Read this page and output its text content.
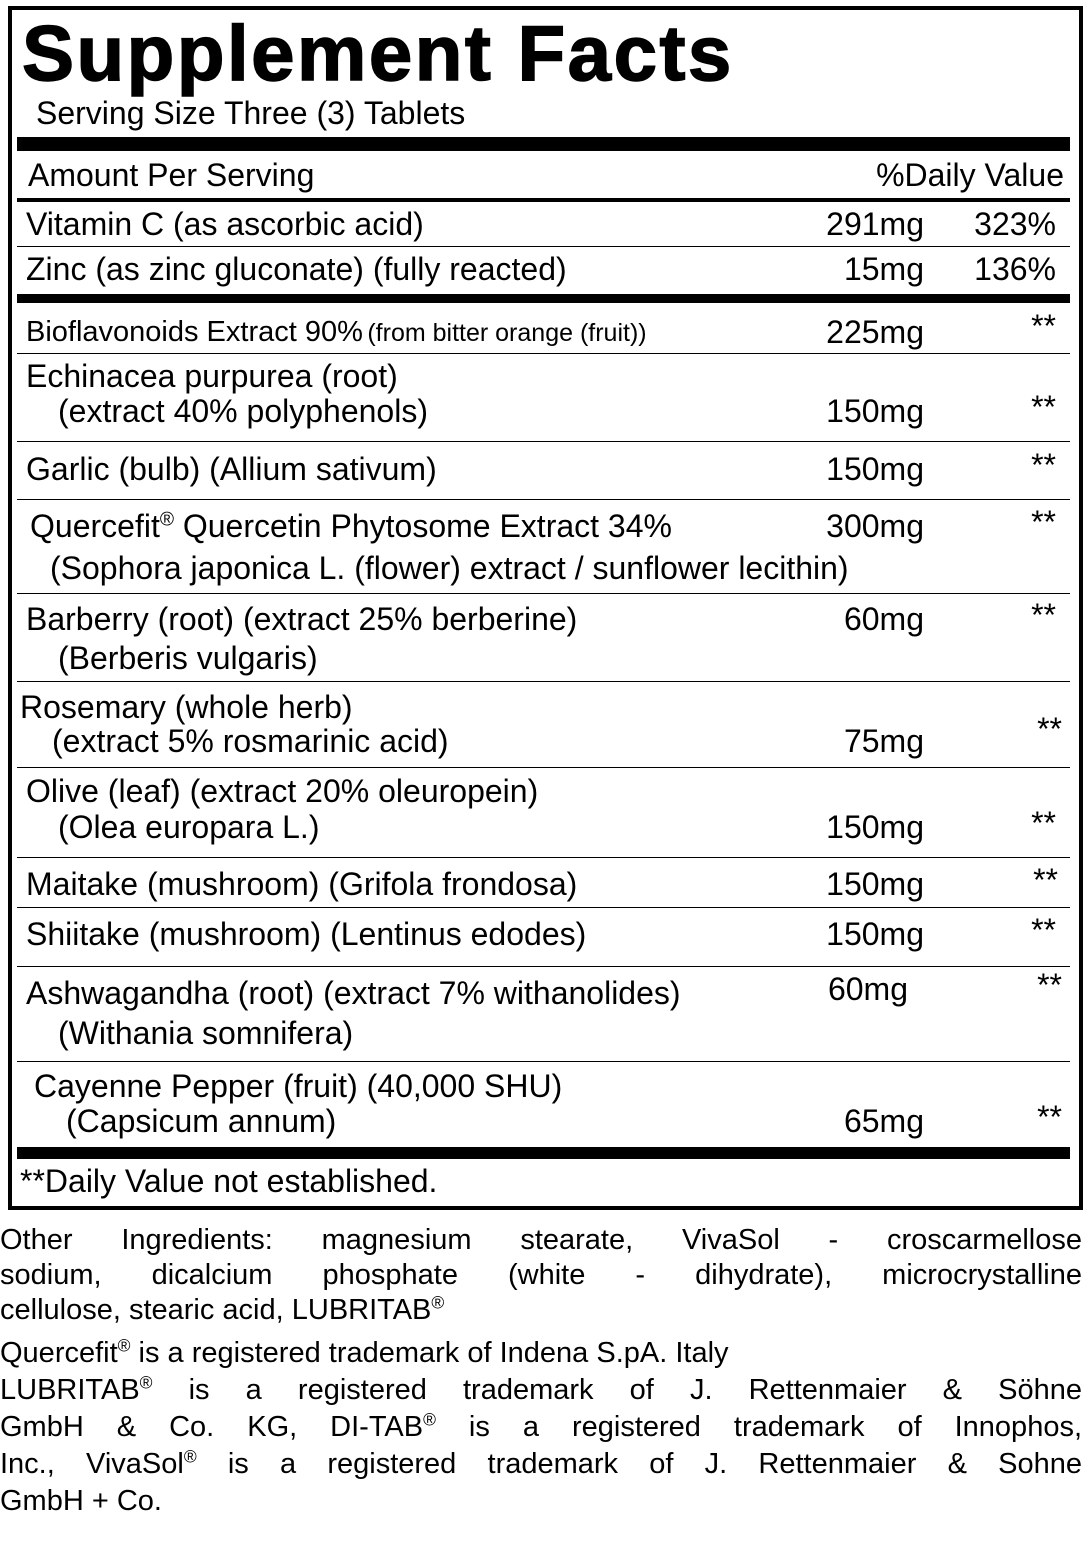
Supplement Facts
Serving Size Three (3) Tablets
Amount Per Serving	%Daily Value
Vitamin C (as ascorbic acid)	291mg 323%
Zinc (as zinc gluconate) (fully reacted)	15mg 136%
Bioflavonoids Extract 90% (from bitter orange (fruit))	225mg	**
Echinacea purpurea (root)
(extract 40% polyphenols)	150mg	**
Garlic (bulb) (Allium sativum)	150mg	**
Quercefit® Quercetin Phytosome Extract 34%
(Sophora japonica L. (flower) extract / sunflower lecithin)
300mg	**
Barberry (root) (extract 25% berberine)
(Berberis vulgaris)
60mg	**
Rosemary (whole herb)
(extract 5% rosmarinic acid)	75mg	**
Olive (leaf) (extract 20% oleuropein)
(Olea europara L.)	150mg	**
Maitake (mushroom) (Grifola frondosa)	150mg	**
Shiitake (mushroom) (Lentinus edodes)	150mg	**
Ashwagandha (root) (extract 7% withanolides)
(Withania somnifera)
60mg	**
Cayenne Pepper (fruit) (40,000 SHU)
(Capsicum annum)	65mg	**
**Daily Value not established.
Other Ingredients: magnesium stearate, VivaSol - croscarmellose
sodium, dicalcium phosphate (white - dihydrate), microcrystalline
cellulose, stearic acid, LUBRITAB®
Quercefit® is a registered trademark of Indena S.pA. Italy
LUBRITAB® is a registered trademark of J. Rettenmaier & Söhne
GmbH & Co. KG, DI-TAB® is a registered trademark of Innophos,
Inc., VivaSol® is a registered trademark of J. Rettenmaier & Sohne
GmbH + Co.
